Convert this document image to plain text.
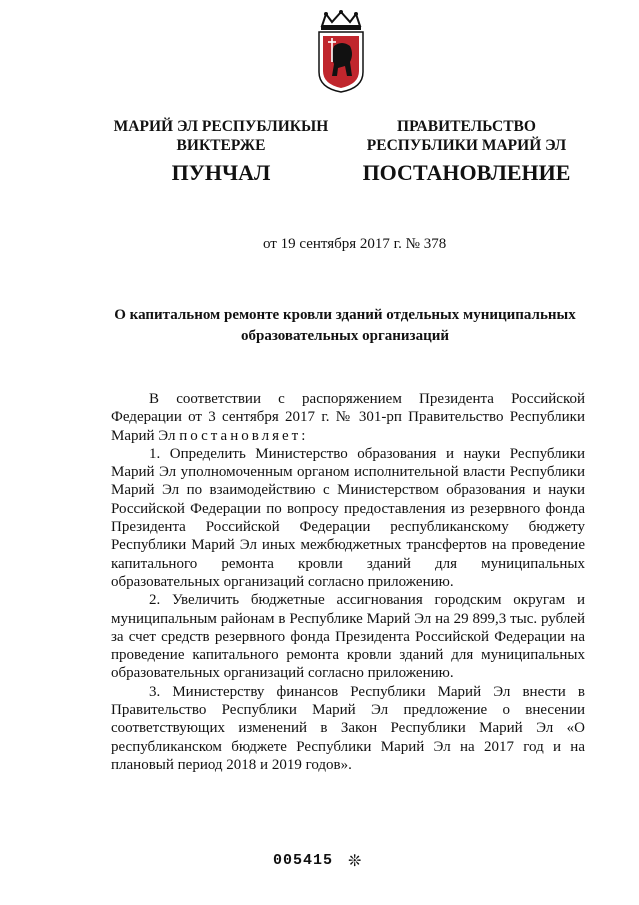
МАРИЙ ЭЛ РЕСПУБЛИКЫН
ВИКТЕРЖЕ
ПРАВИТЕЛЬСТВО
РЕСПУБЛИКИ МАРИЙ ЭЛ
ПУНЧАЛ	ПОСТАНОВЛЕНИЕ
от 19 сентября 2017 г. № 378
О капитальном ремонте кровли зданий отдельных муниципальных образовательных организаций

В соответствии с распоряжением Президента Российской Федерации от 3 сентября 2017 г. № 301-рп Правительство Республики Марий Эл постановляет:

1. Определить Министерство образования и науки Республики Марий Эл уполномоченным органом исполнительной власти Республики Марий Эл по взаимодействию с Министерством образования и науки Российской Федерации по вопросу предоставления из резервного фонда Президента Российской Федерации республиканскому бюджету Республики Марий Эл иных межбюджетных трансфертов на проведение капитального ремонта кровли зданий для муниципальных образовательных организаций согласно приложению.

2. Увеличить бюджетные ассигнования городским округам и муниципальным районам в Республике Марий Эл на 29 899,3 тыс. рублей за счет средств резервного фонда Президента Российской Федерации на проведение капитального ремонта кровли зданий для муниципальных образовательных организаций согласно приложению.

3. Министерству финансов Республики Марий Эл внести в Правительство Республики Марий Эл предложение о внесении соответствующих изменений в Закон Республики Марий Эл «О республиканском бюджете Республики Марий Эл на 2017 год и на плановый период 2018 и 2019 годов».

005415 ❊
